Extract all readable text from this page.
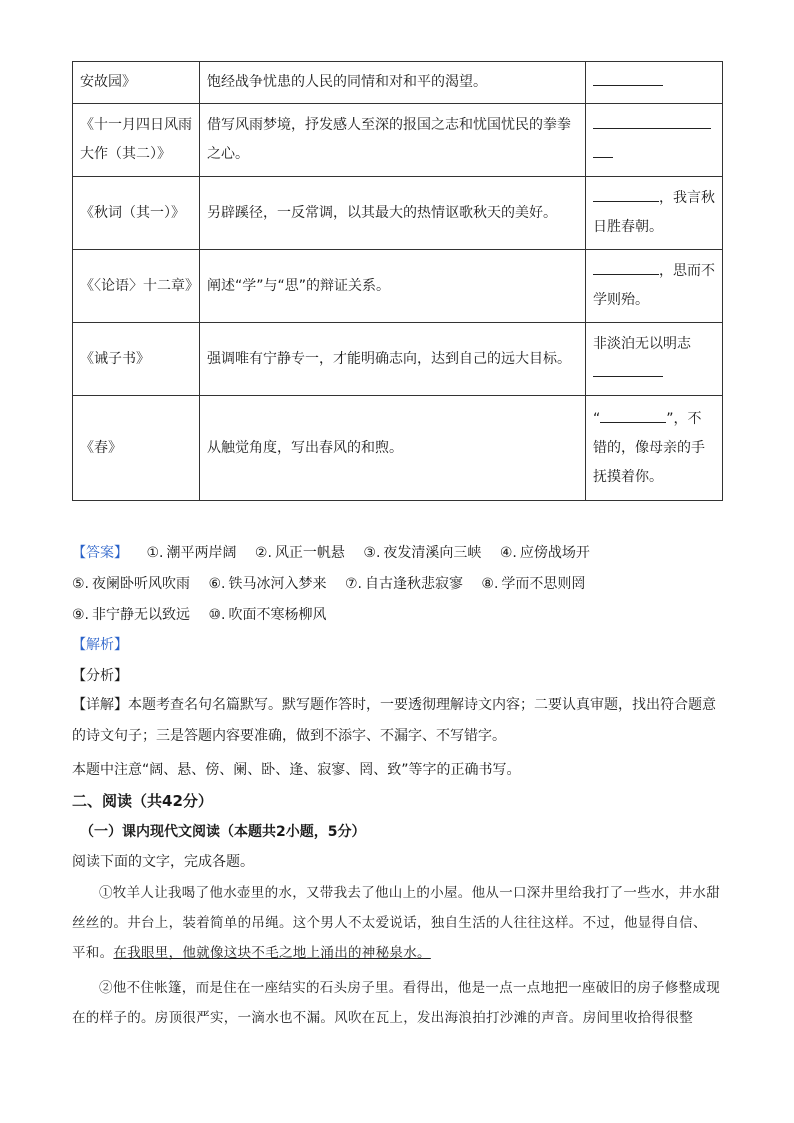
安故园》	饱经战争忧患的人民的同情和对和平的渴望。	
《十一月四日风雨大作（其二）》	借写风雨梦境，抒发感人至深的报国之志和忧国忧民的拳拳之心。	

《秋词（其一）》	另辟蹊径，一反常调，以其最大的热情讴歌秋天的美好。	，我言秋日胜春朝。
《〈论语〉十二章》	阐述“学”与“思”的辩证关系。	，思而不学则殆。
《诫子书》	强调唯有宁静专一，才能明确志向，达到自己的远大目标。	非淡泊无以明志

《春》	从触觉角度，写出春风的和煦。	“ ”，不错的，像母亲的手抚摸着你。
【答案】 ①. 潮平两岸阔 ②. 风正一帆悬 ③. 夜发清溪向三峡 ④. 应傍战场开 ⑤. 夜阑卧听风吹雨 ⑥. 铁马冰河入梦来 ⑦. 自古逢秋悲寂寥 ⑧. 学而不思则罔 ⑨. 非宁静无以致远 ⑩. 吹面不寒杨柳风
【解析】
【分析】
【详解】本题考查名句名篇默写。默写题作答时，一要透彻理解诗文内容；二要认真审题，找出符合题意的诗文句子；三是答题内容要准确，做到不添字、不漏字、不写错字。
本题中注意“阔、悬、傍、阑、卧、逢、寂寥、罔、致”等字的正确书写。
二、阅读（共42分）
（一）课内现代文阅读（本题共2小题，5分）
阅读下面的文字，完成各题。
①牧羊人让我喝了他水壶里的水，又带我去了他山上的小屋。他从一口深井里给我打了一些水，井水甜丝丝的。井台上，装着简单的吊绳。这个男人不太爱说话，独自生活的人往往这样。不过，他显得自信、平和。在我眼里，他就像这块不毛之地上涌出的神秘泉水。
②他不住帐篷，而是住在一座结实的石头房子里。看得出，他是一点一点地把一座破旧的房子修整成现在的样子的。房顶很严实，一滴水也不漏。风吹在瓦上，发出海浪拍打沙滩的声音。房间里收拾得很整
